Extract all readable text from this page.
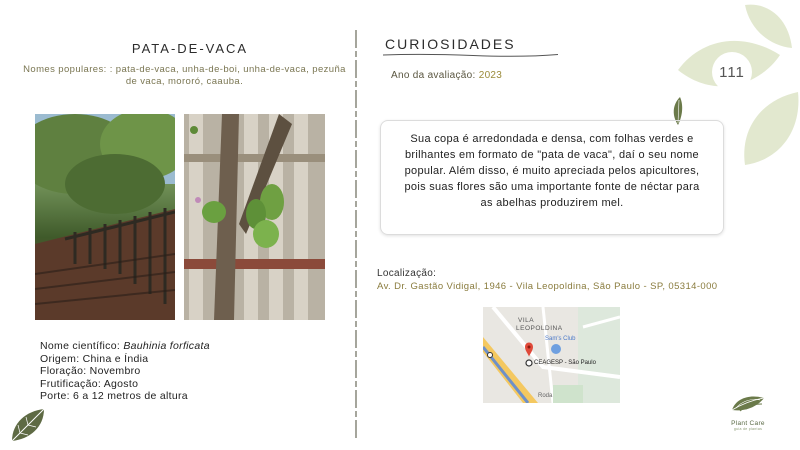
PATA-DE-VACA
Nomes populares: : pata-de-vaca, unha-de-boi, unha-de-vaca, pezuña de vaca, mororó, caauba.
Nome científico: Bauhinia forficata
Origem: China e Índia
Floração: Novembro
Frutificação: Agosto
Porte: 6 a 12 metros de altura
CURIOSIDADES
Ano da avaliação: 2023	111
Sua copa é arredondada e densa, com folhas verdes e brilhantes em formato de "pata de vaca", daí o seu nome popular. Além disso, é muito apreciada pelos apicultores, pois suas flores são uma importante fonte de néctar para as abelhas produzirem mel.
Localização:
Av. Dr. Gastão Vidigal, 1946 - Vila Leopoldina, São Paulo - SP, 05314-000
VILA
LEOPOLDINA
Sam's Club
CEAGESP - São Paulo
Roda
Plant Care
guia de plantas
